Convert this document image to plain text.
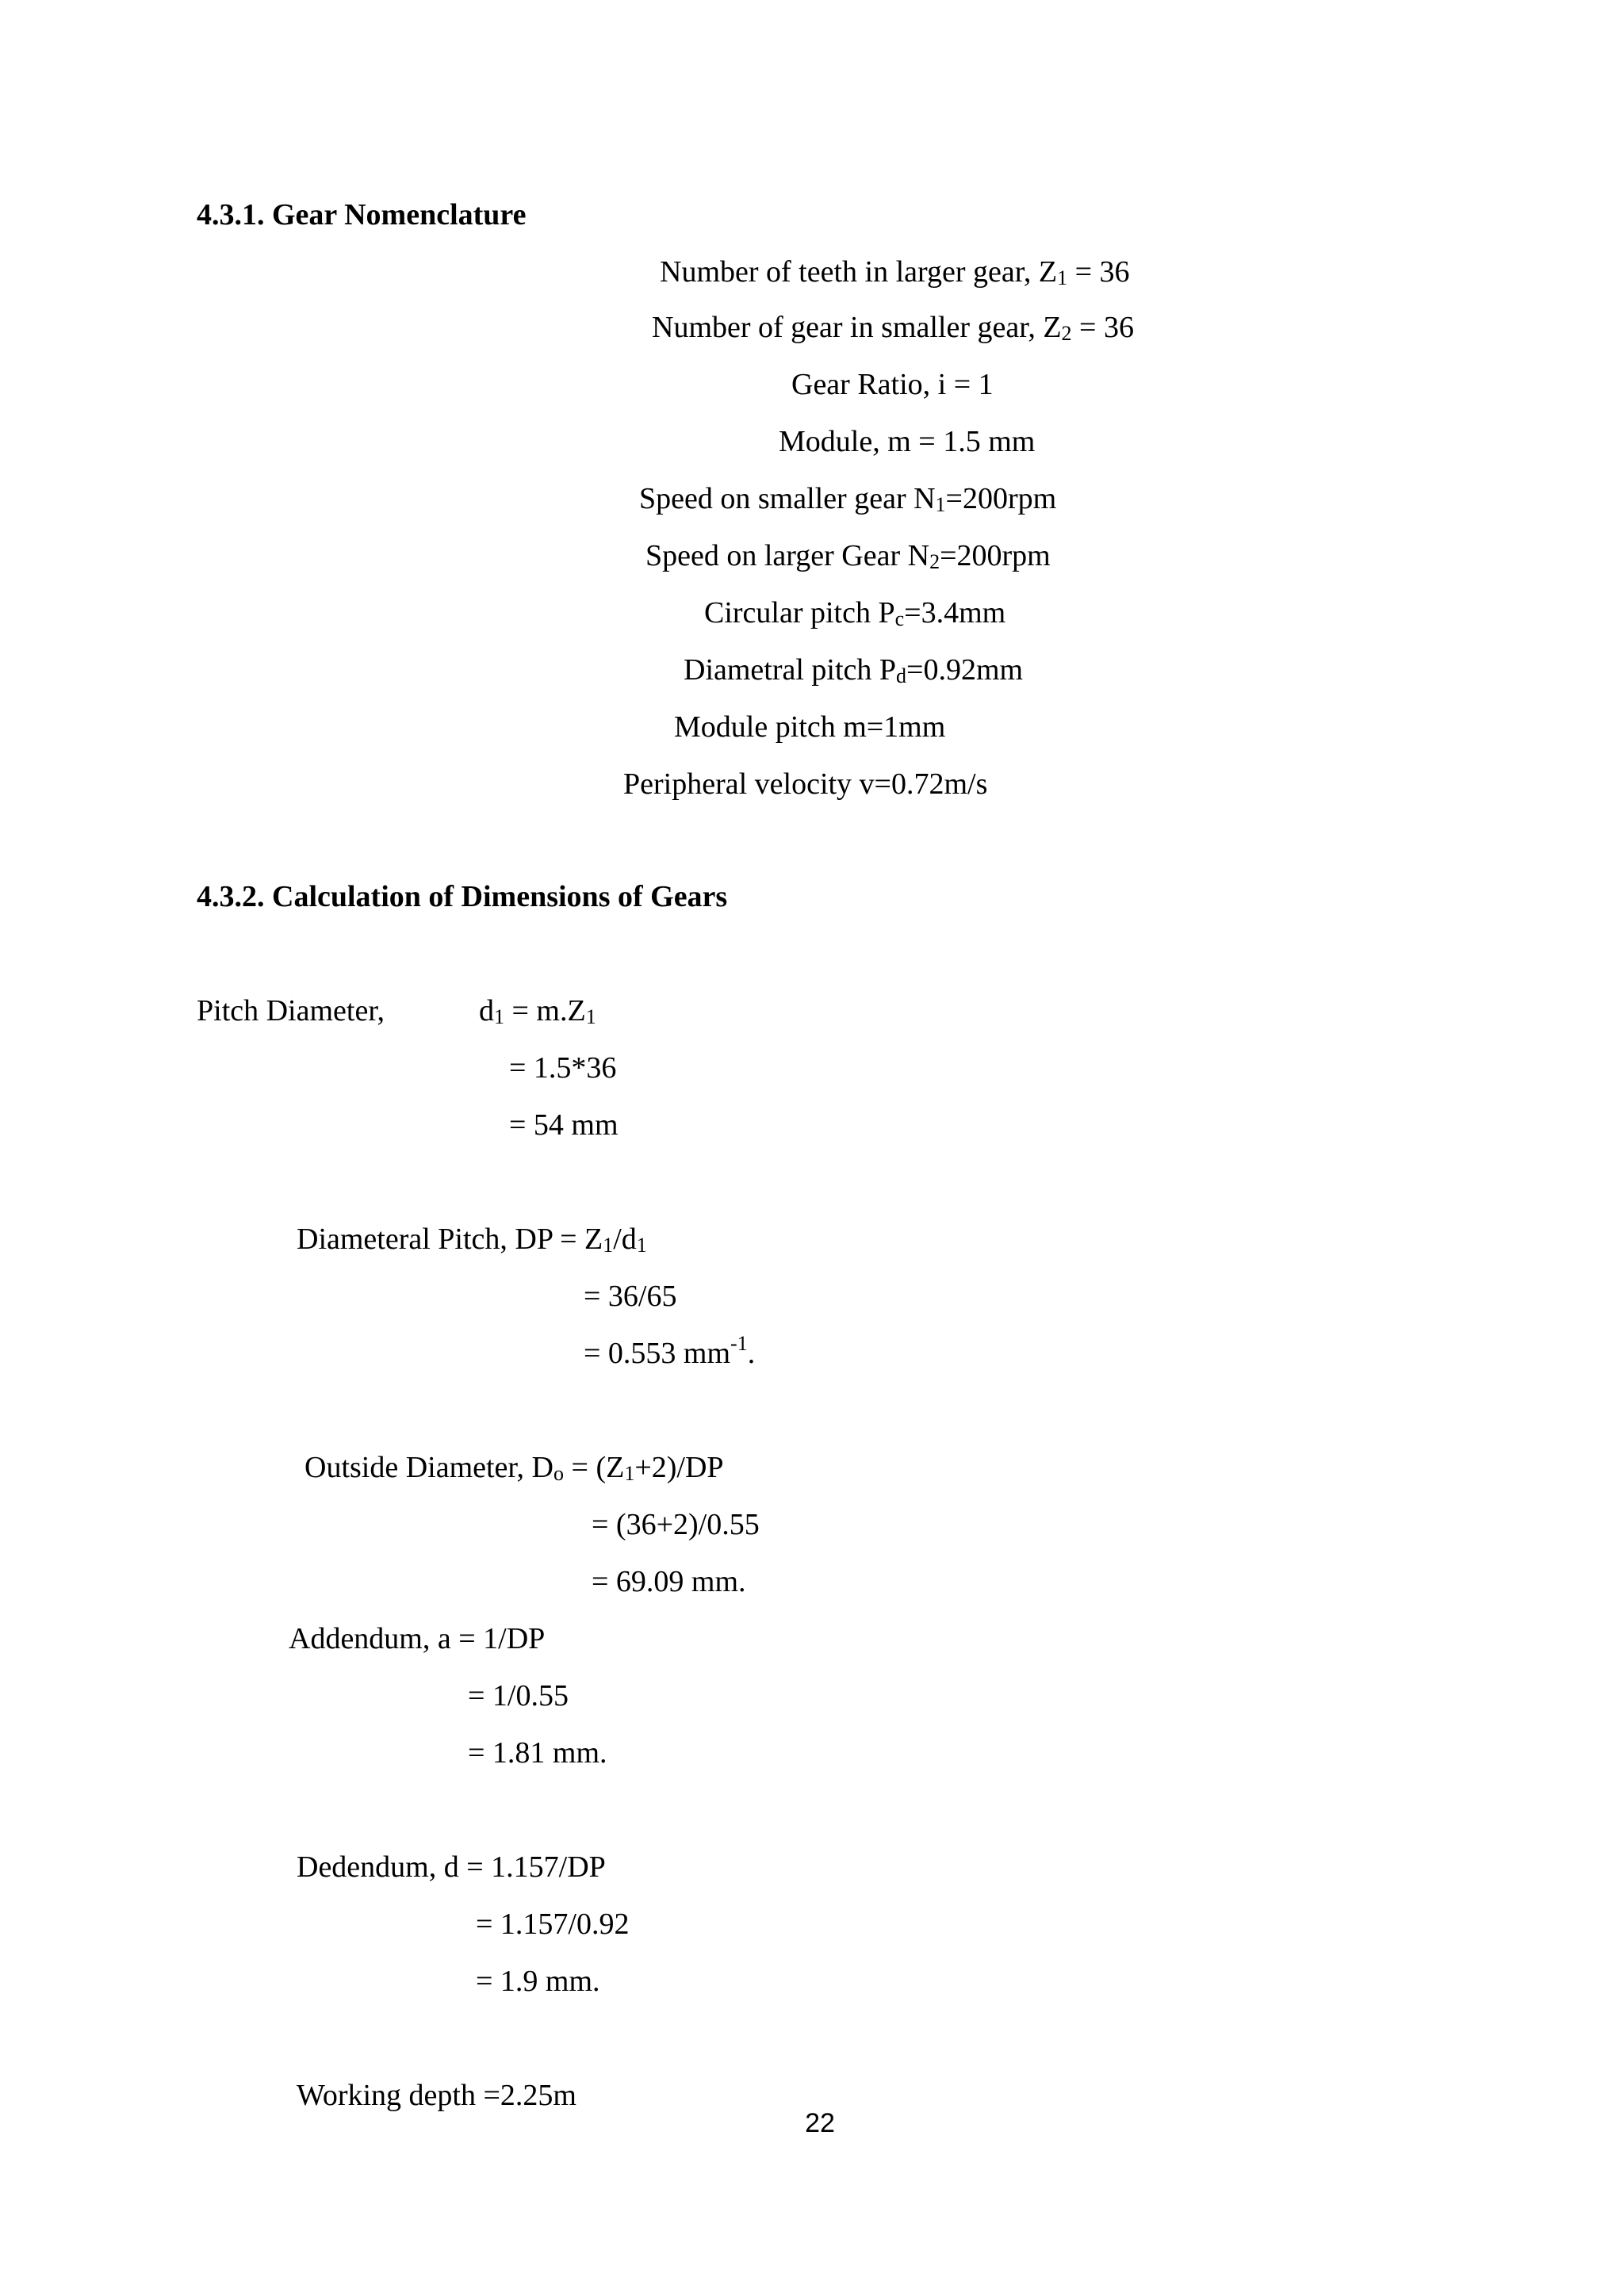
4.3.1. Gear Nomenclature
Number of teeth in larger gear, $Z_1 = 36$
Number of gear in smaller gear, $Z_2 = 36$
Gear Ratio, i = 1
Module, m = 1.5 mm
Speed on smaller gear $N_1=200rpm$
Speed on larger Gear $N_2=200rpm$
Circular pitch $P_c=3.4mm$
Diametral pitch $P_d=0.92mm$
Module pitch m=1mm
Peripheral velocity v=0.72m/s
4.3.2. Calculation of Dimensions of Gears
Pitch Diameter,	$d_1 = m.Z_1$
= 1.5*36
= 54 mm
Diameteral Pitch, DP = $Z_1/d_1$
= 36/65
= 0.553 $mm^{-1}$.
Outside Diameter, $D_o = (Z_1+2)/DP$
= (36+2)/0.55
= 69.09 mm.
Addendum, a = 1/DP
= 1/0.55
= 1.81 mm.
Dedendum, d = 1.157/DP
= 1.157/0.92
= 1.9 mm.
Working depth =2.25m
22
